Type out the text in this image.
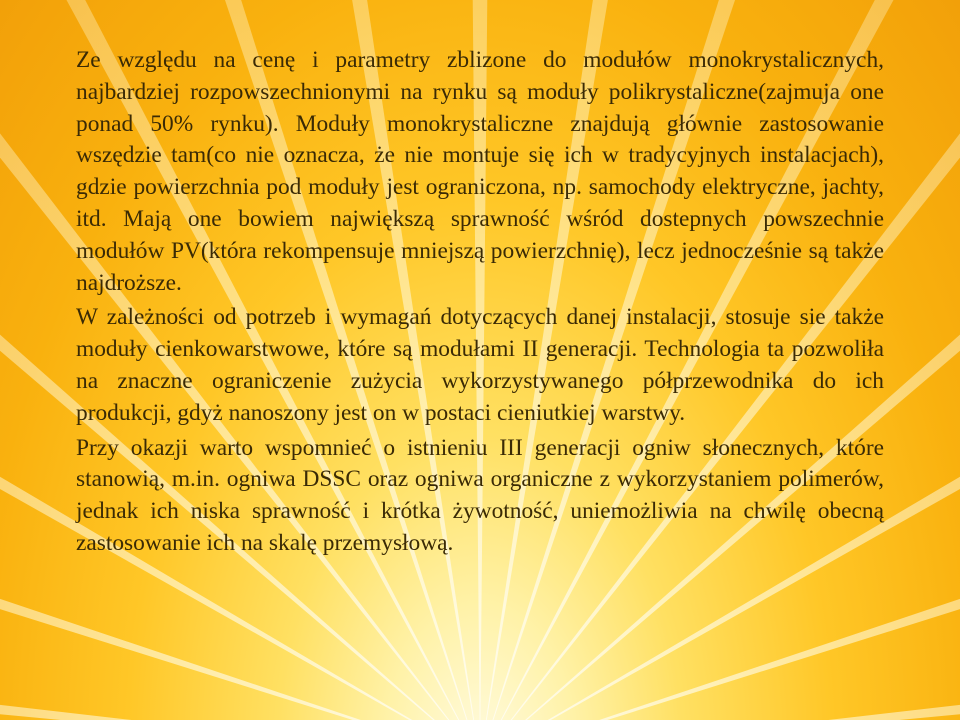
Ze względu na cenę i parametry zblizone do modułów monokrystalicznych, najbardziej rozpowszechnionymi na rynku są moduły polikrystaliczne(zajmuja one ponad 50% rynku). Moduły monokrystaliczne znajdują głównie zastosowanie wszędzie tam(co nie oznacza, że nie montuje się ich w tradycyjnych instalacjach), gdzie powierzchnia pod moduły jest ograniczona, np. samochody elektryczne, jachty, itd. Mają one bowiem największą sprawność wśród dostepnych powszechnie modułów PV(która rekompensuje mniejszą powierzchnię), lecz jednocześnie są także najdroższe.

W zależności od potrzeb i wymagań dotyczących danej instalacji, stosuje sie także moduły cienkowarstwowe, które są modułami II generacji. Technologia ta pozwoliła na znaczne ograniczenie zużycia wykorzystywanego półprzewodnika do ich produkcji, gdyż nanoszony jest on w postaci cieniutkiej warstwy.

Przy okazji warto wspomnieć o istnieniu III generacji ogniw słonecznych, które stanowią, m.in. ogniwa DSSC oraz ogniwa organiczne z wykorzystaniem polimerów, jednak ich niska sprawność i krótka żywotność, uniemożliwia na chwilę obecną zastosowanie ich na skalę przemysłową.
